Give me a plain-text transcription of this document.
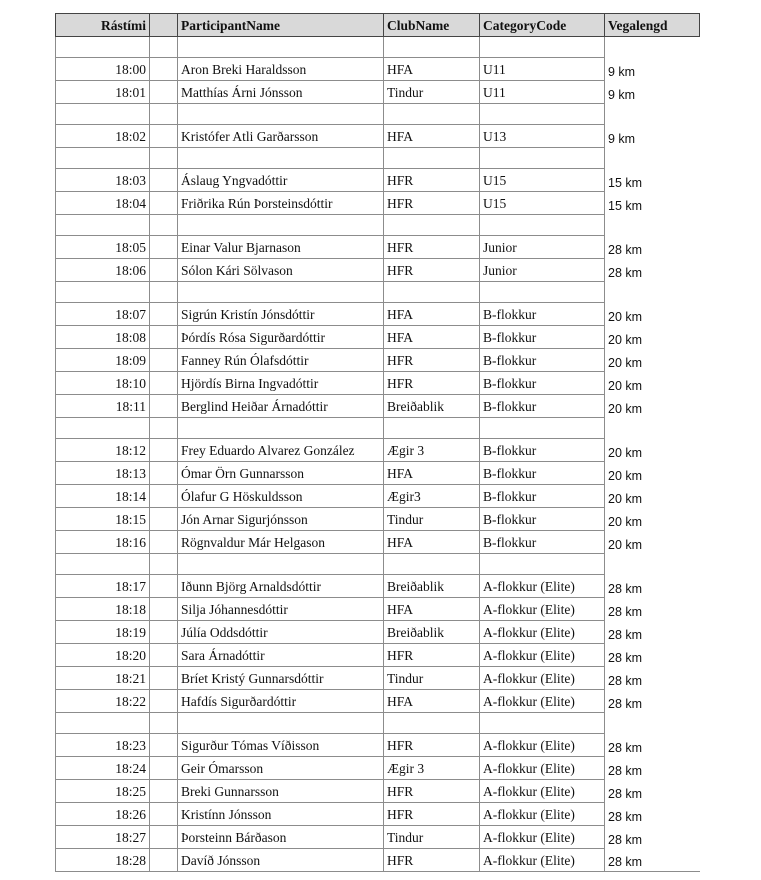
Rástími		ParticipantName	ClubName	CategoryCode	Vegalengd

18:00		Aron Breki Haraldsson	HFA	U11	9 km
18:01		Matthías Árni Jónsson	Tindur	U11	9 km

18:02		Kristófer Atli Garðarsson	HFA	U13	9 km

18:03		Áslaug Yngvadóttir	HFR	U15	15 km
18:04		Friðrika Rún Þorsteinsdóttir	HFR	U15	15 km

18:05		Einar Valur Bjarnason	HFR	Junior	28 km
18:06		Sólon Kári Sölvason	HFR	Junior	28 km

18:07		Sigrún Kristín Jónsdóttir	HFA	B-flokkur	20 km
18:08		Þórdís Rósa Sigurðardóttir	HFA	B-flokkur	20 km
18:09		Fanney Rún Ólafsdóttir	HFR	B-flokkur	20 km
18:10		Hjördís Birna Ingvadóttir	HFR	B-flokkur	20 km
18:11		Berglind Heiðar Árnadóttir	Breiðablik	B-flokkur	20 km

18:12		Frey Eduardo Alvarez González	Ægir 3	B-flokkur	20 km
18:13		Ómar Örn Gunnarsson	HFA	B-flokkur	20 km
18:14		Ólafur G Höskuldsson	Ægir3	B-flokkur	20 km
18:15		Jón Arnar Sigurjónsson	Tindur	B-flokkur	20 km
18:16		Rögnvaldur Már Helgason	HFA	B-flokkur	20 km

18:17		Iðunn Björg Arnaldsdóttir	Breiðablik	A-flokkur (Elite)	28 km
18:18		Silja Jóhannesdóttir	HFA	A-flokkur (Elite)	28 km
18:19		Júlía Oddsdóttir	Breiðablik	A-flokkur (Elite)	28 km
18:20		Sara Árnadóttir	HFR	A-flokkur (Elite)	28 km
18:21		Bríet Kristý Gunnarsdóttir	Tindur	A-flokkur (Elite)	28 km
18:22		Hafdís Sigurðardóttir	HFA	A-flokkur (Elite)	28 km

18:23		Sigurður Tómas Víðisson	HFR	A-flokkur (Elite)	28 km
18:24		Geir Ómarsson	Ægir 3	A-flokkur (Elite)	28 km
18:25		Breki Gunnarsson	HFR	A-flokkur (Elite)	28 km
18:26		Kristínn Jónsson	HFR	A-flokkur (Elite)	28 km
18:27		Þorsteinn Bárðason	Tindur	A-flokkur (Elite)	28 km
18:28		Davíð Jónsson	HFR	A-flokkur (Elite)	28 km
